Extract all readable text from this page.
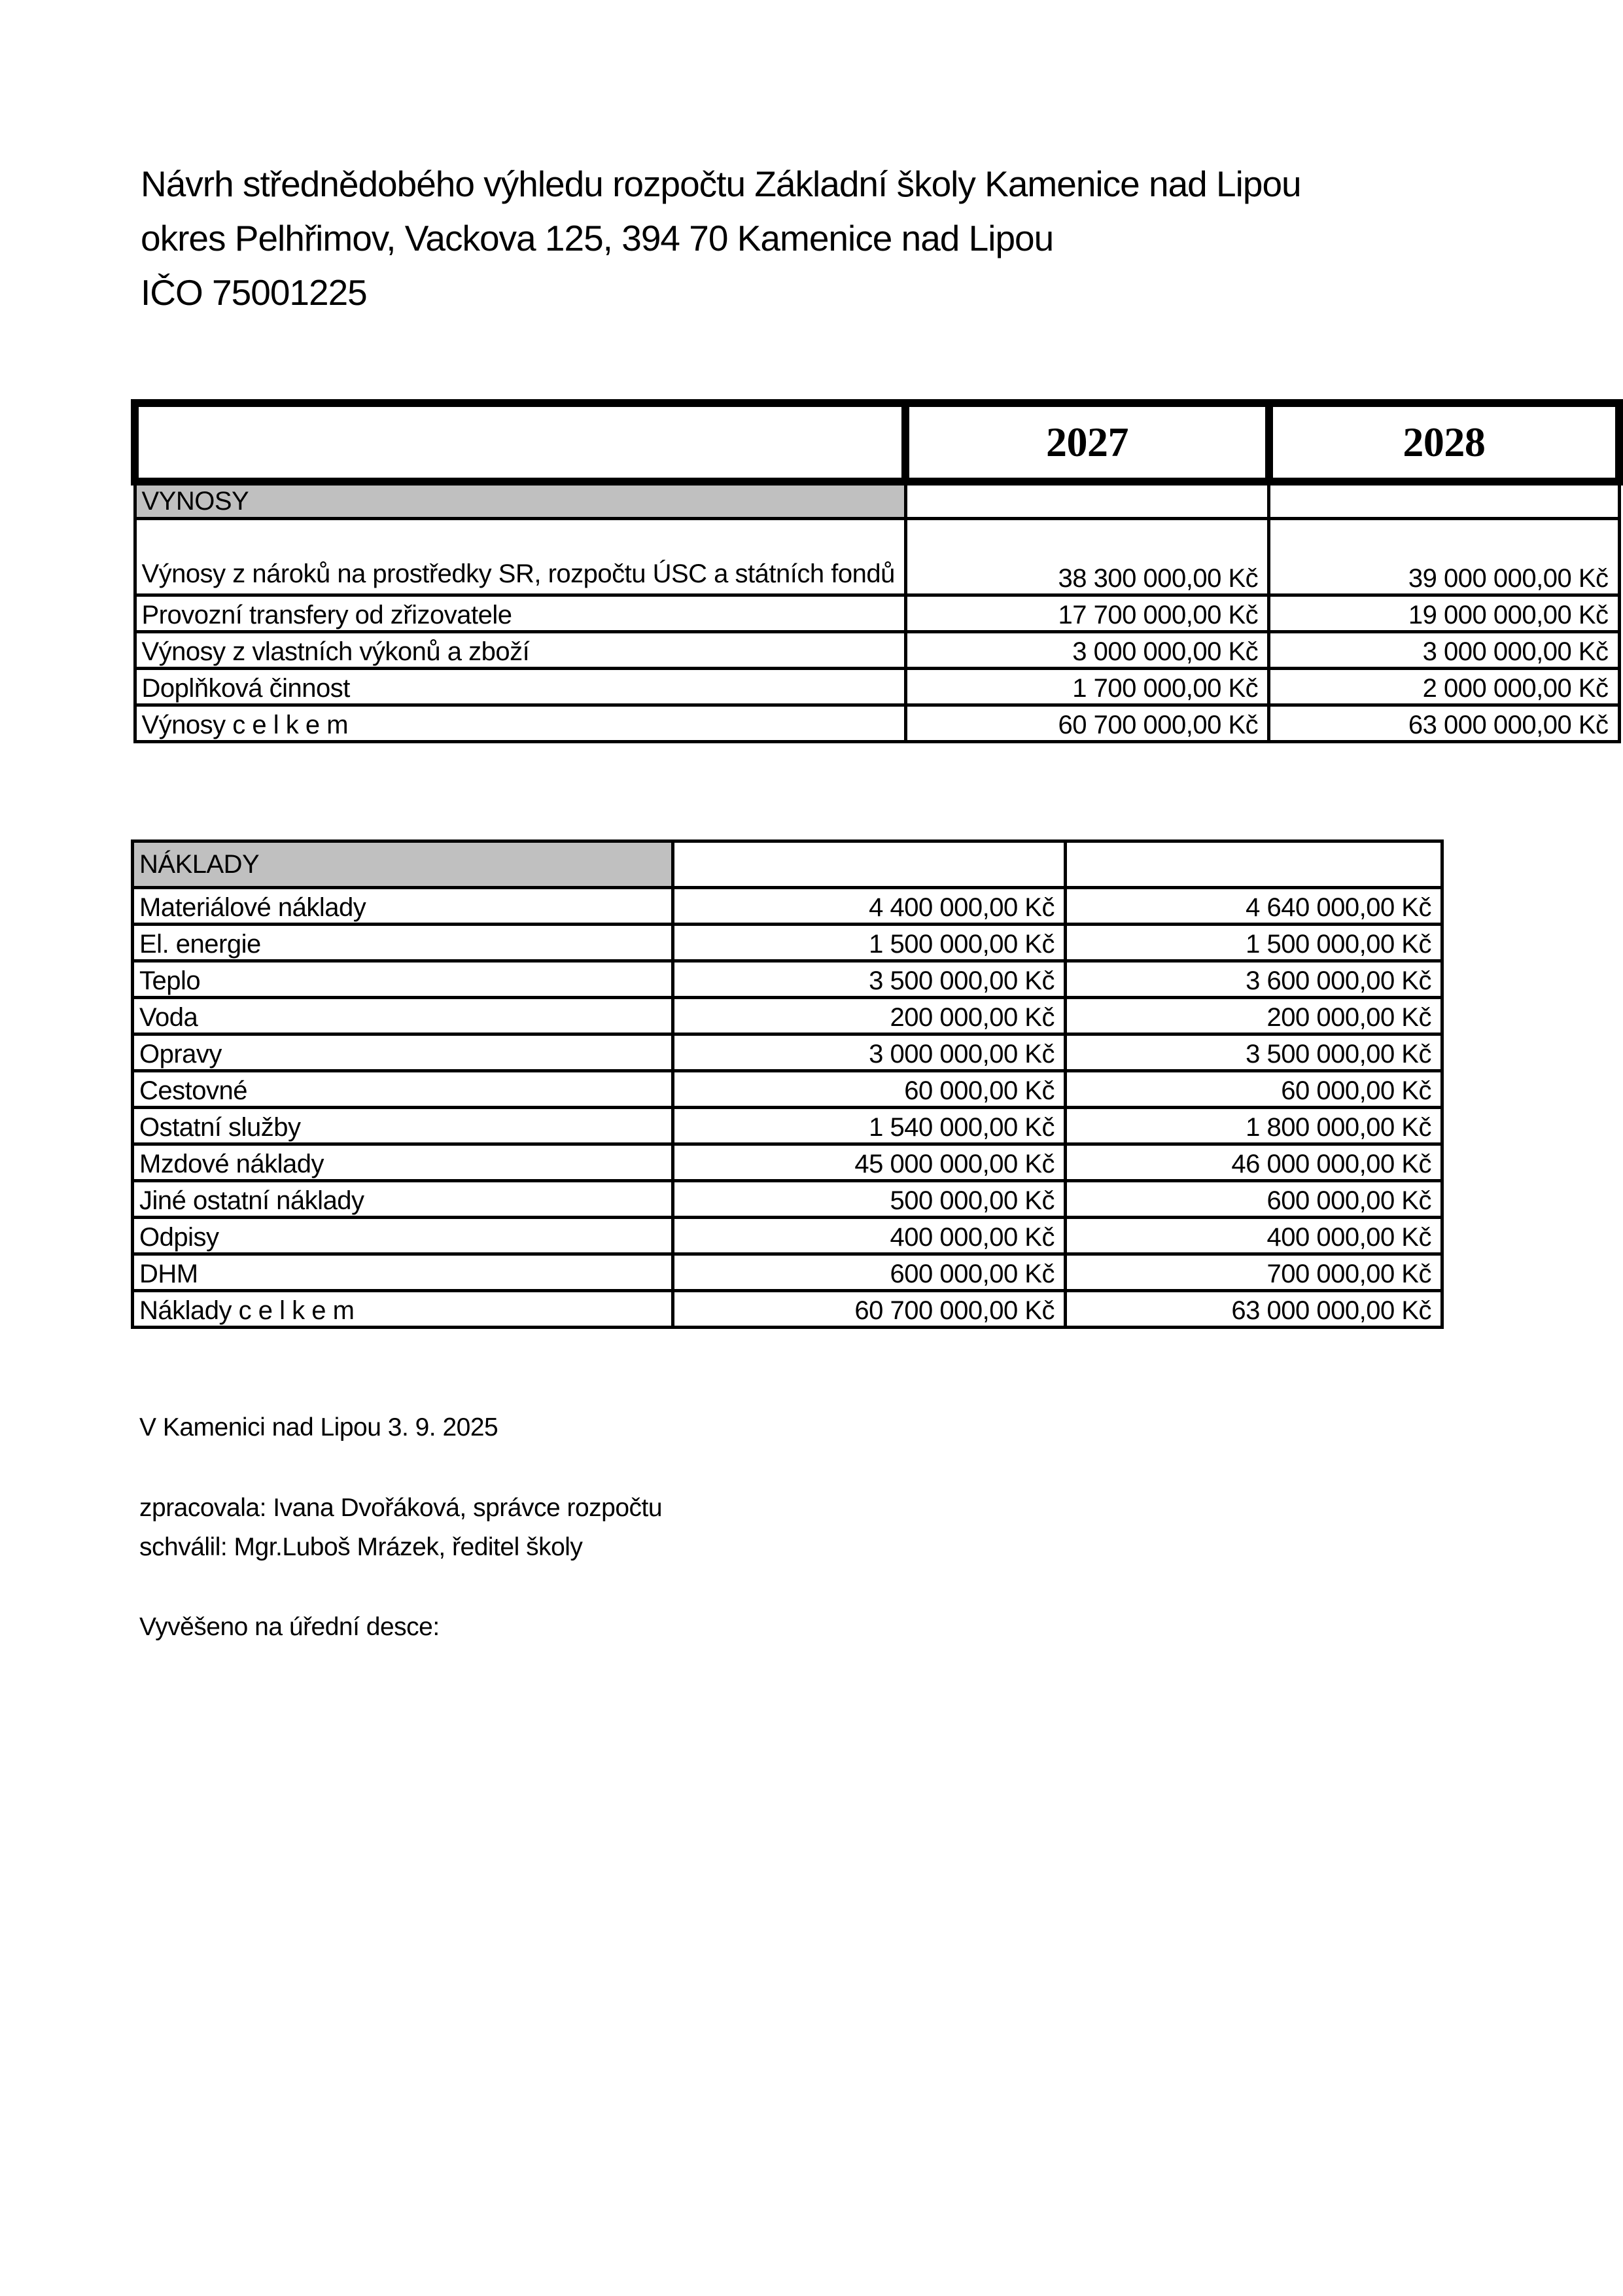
Návrh střednědobého výhledu rozpočtu Základní školy Kamenice nad Lipou
okres Pelhřimov, Vackova 125, 394 70 Kamenice nad Lipou
IČO 75001225
	2027	2028
VYNOSY		
Výnosy z nároků na prostředky SR, rozpočtu ÚSC a státních fondů	38 300 000,00 Kč	39 000 000,00 Kč
Provozní transfery od zřizovatele	17 700 000,00 Kč	19 000 000,00 Kč
Výnosy z vlastních výkonů a zboží	3 000 000,00 Kč	3 000 000,00 Kč
Doplňková činnost	1 700 000,00 Kč	2 000 000,00 Kč
Výnosy c e l k e m	60 700 000,00 Kč	63 000 000,00 Kč
NÁKLADY		
Materiálové náklady	4 400 000,00 Kč	4 640 000,00 Kč
El. energie	1 500 000,00 Kč	1 500 000,00 Kč
Teplo	3 500 000,00 Kč	3 600 000,00 Kč
Voda	200 000,00 Kč	200 000,00 Kč
Opravy	3 000 000,00 Kč	3 500 000,00 Kč
Cestovné	60 000,00 Kč	60 000,00 Kč
Ostatní služby	1 540 000,00 Kč	1 800 000,00 Kč
Mzdové náklady	45 000 000,00 Kč	46 000 000,00 Kč
Jiné ostatní náklady	500 000,00 Kč	600 000,00 Kč
Odpisy	400 000,00 Kč	400 000,00 Kč
DHM	600 000,00 Kč	700 000,00 Kč
Náklady c e l k e m	60 700 000,00 Kč	63 000 000,00 Kč
V Kamenici nad Lipou 3. 9. 2025
zpracovala: Ivana Dvořáková, správce rozpočtu
schválil: Mgr.Luboš Mrázek, ředitel školy
Vyvěšeno na úřední desce:
